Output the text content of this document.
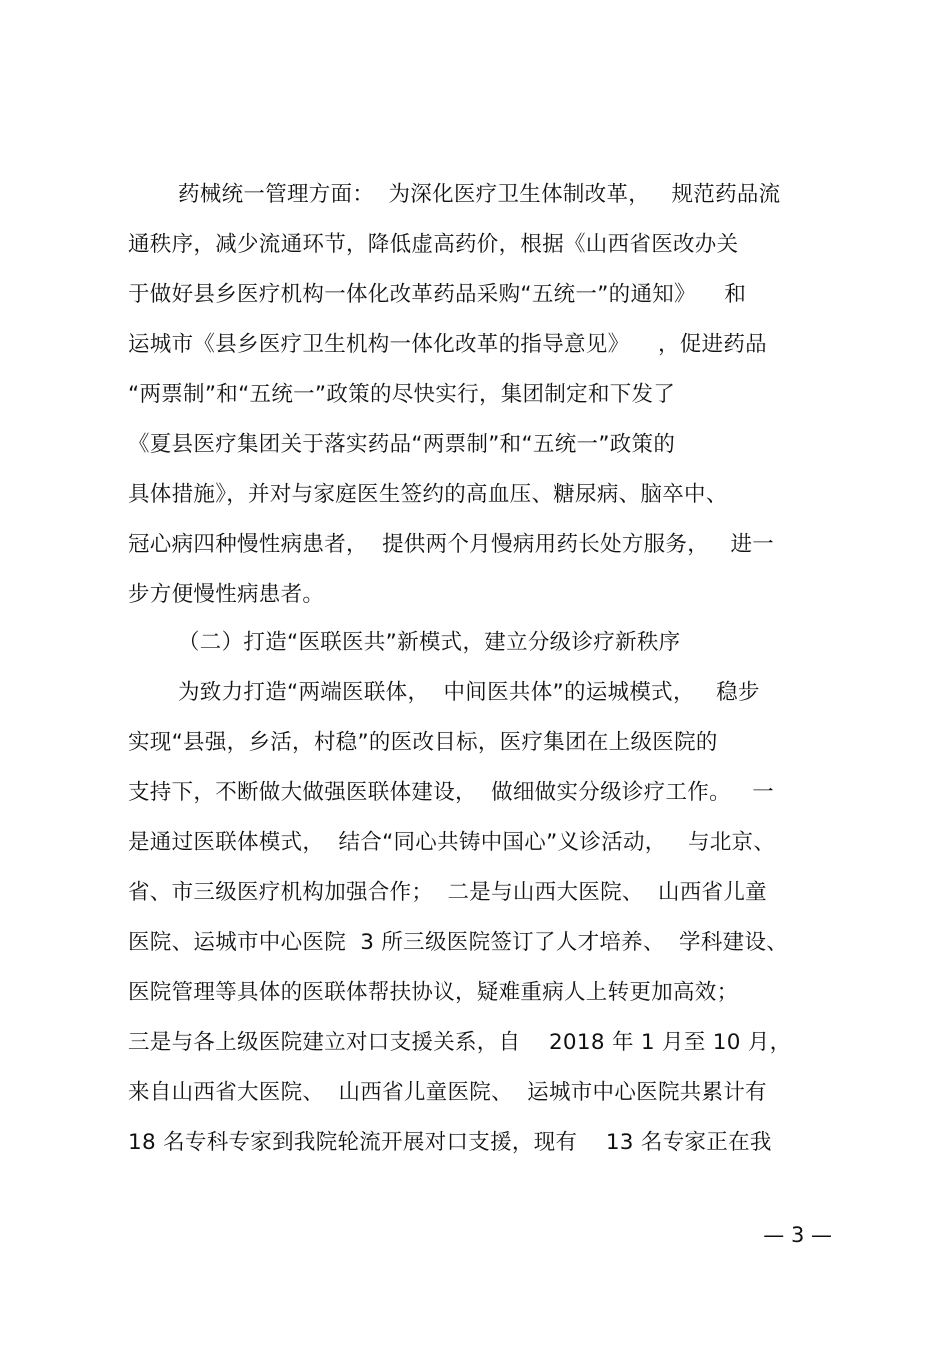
药械统一管理方面：  为深化医疗卫生体制改革，   规范药品流
通秩序，减少流通环节，降低虚高药价，根据《山西省医改办关
于做好县乡医疗机构一体化改革药品采购“五统一”的通知》    和
运城市《县乡医疗卫生机构一体化改革的指导意见》    ，促进药品
“两票制”和“五统一”政策的尽快实行，集团制定和下发了
《夏县医疗集团关于落实药品“两票制”和“五统一”政策的
具体措施》，并对与家庭医生签约的高血压、糖尿病、脑卒中、
冠心病四种慢性病患者，  提供两个月慢病用药长处方服务，   进一
步方便慢性病患者。
（二）打造“医联医共”新模式，建立分级诊疗新秩序
为致力打造“两端医联体，  中间医共体”的运城模式，   稳步
实现“县强，乡活，村稳”的医改目标，医疗集团在上级医院的
支持下，不断做大做强医联体建设，  做细做实分级诊疗工作。   一
是通过医联体模式，  结合“同心共铸中国心”义诊活动，   与北京、
省、市三级医疗机构加强合作；  二是与山西大医院、  山西省儿童
医院、运城市中心医院  3 所三级医院签订了人才培养、  学科建设、
医院管理等具体的医联体帮扶协议，疑难重病人上转更加高效；
三是与各上级医院建立对口支援关系，自    2018 年 1 月至 10 月，
来自山西省大医院、  山西省儿童医院、  运城市中心医院共累计有
18 名专科专家到我院轮流开展对口支援，现有    13 名专家正在我
— 3 —
